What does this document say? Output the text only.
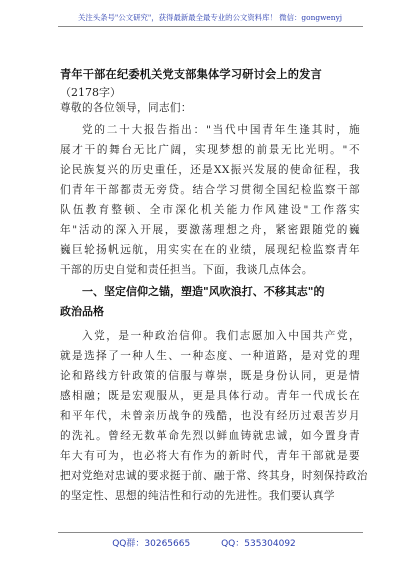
关注头条号"公文研究"，获得最新最全最专业的公文资料库！ 微信：gongwenyj
青年干部在纪委机关党支部集体学习研讨会上的发言
（2178字）
尊敬的各位领导，同志们：
党的二十大报告指出："当代中国青年生逢其时，施
展才干的舞台无比广阔，实现梦想的前景无比光明。"不
论民族复兴的历史重任，还是XX振兴发展的使命征程，我
们青年干部都责无旁贷。结合学习贯彻全国纪检监察干部
队伍教育整顿、全市深化机关能力作风建设"工作落实
年"活动的深入开展，要激荡理想之舟，紧密跟随党的巍
巍巨轮扬帆远航，用实实在在的业绩，展现纪检监察青年
干部的历史自觉和责任担当。下面，我谈几点体会。
一、坚定信仰之锚，塑造"风吹浪打、不移其志"的
政治品格
入党，是一种政治信仰。我们志愿加入中国共产党，
就是选择了一种人生、一种态度、一种道路，是对党的理
论和路线方针政策的信服与尊崇，既是身份认同，更是情
感相融；既是宏观服从，更是具体行动。青年一代成长在
和平年代，未曾亲历战争的残酷，也没有经历过艰苦岁月
的洗礼。曾经无数革命先烈以鲜血铸就忠诚，如今置身青
年大有可为，也必将大有作为的新时代，青年干部就是要
把对党绝对忠诚的要求挺于前、融于常、终其身，时刻保持政治
的坚定性、思想的纯洁性和行动的先进性。我们要认真学
QQ群：30265665	QQ：535304092
